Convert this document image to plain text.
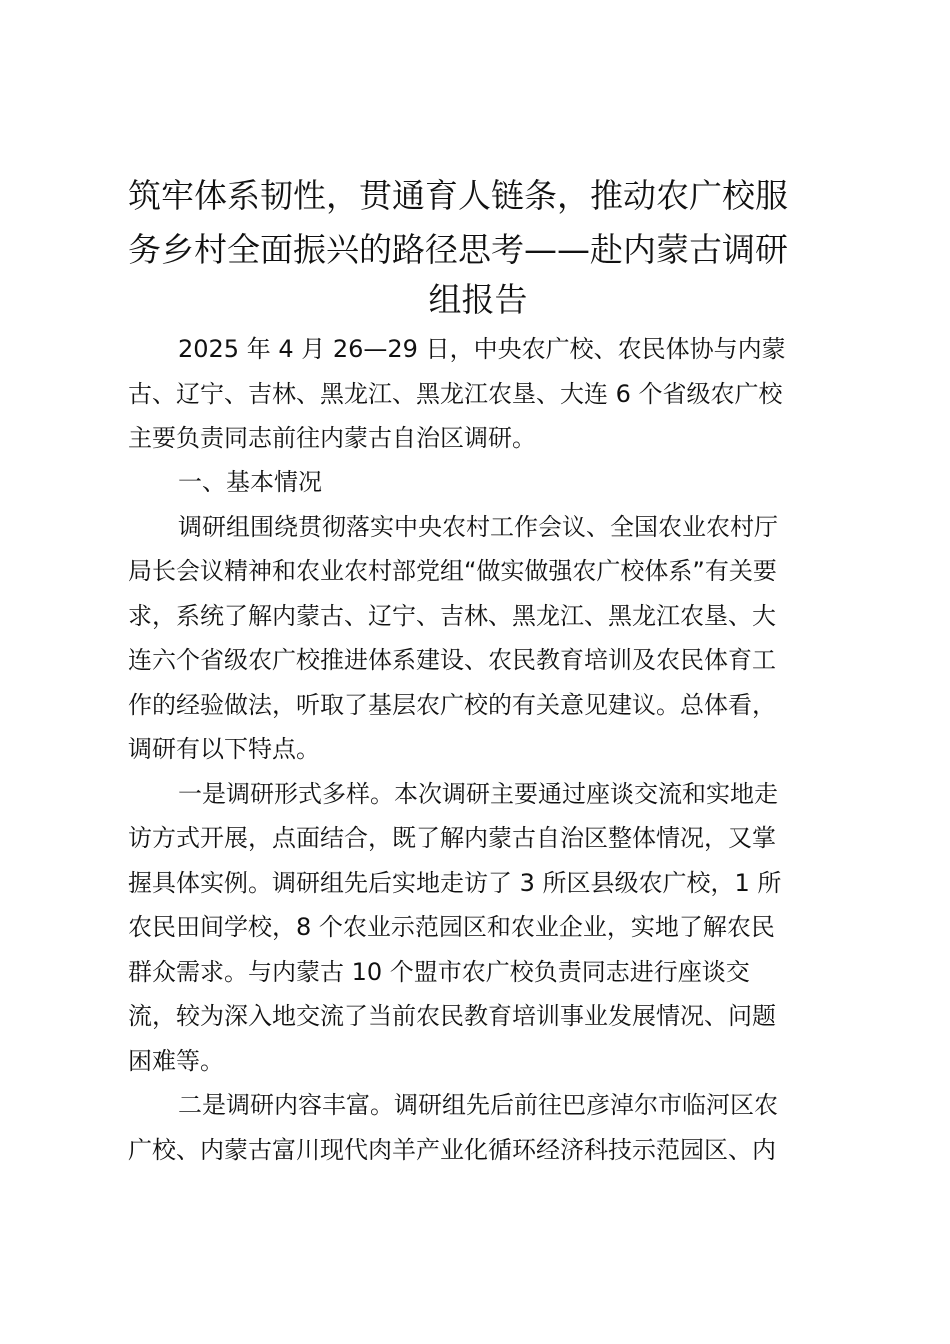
筑牢体系韧性，贯通育人链条，推动农广校服
务乡村全面振兴的路径思考——赴内蒙古调研
组报告
2025 年 4 月 26—29 日，中央农广校、农民体协与内蒙
古、辽宁、吉林、黑龙江、黑龙江农垦、大连 6 个省级农广校
主要负责同志前往内蒙古自治区调研。
一、基本情况
调研组围绕贯彻落实中央农村工作会议、全国农业农村厅
局长会议精神和农业农村部党组“做实做强农广校体系”有关要
求，系统了解内蒙古、辽宁、吉林、黑龙江、黑龙江农垦、大
连六个省级农广校推进体系建设、农民教育培训及农民体育工
作的经验做法，听取了基层农广校的有关意见建议。总体看，
调研有以下特点。
一是调研形式多样。本次调研主要通过座谈交流和实地走
访方式开展，点面结合，既了解内蒙古自治区整体情况，又掌
握具体实例。调研组先后实地走访了 3 所区县级农广校，1 所
农民田间学校，8 个农业示范园区和农业企业，实地了解农民
群众需求。与内蒙古 10 个盟市农广校负责同志进行座谈交
流，较为深入地交流了当前农民教育培训事业发展情况、问题
困难等。
二是调研内容丰富。调研组先后前往巴彦淖尔市临河区农
广校、内蒙古富川现代肉羊产业化循环经济科技示范园区、内
